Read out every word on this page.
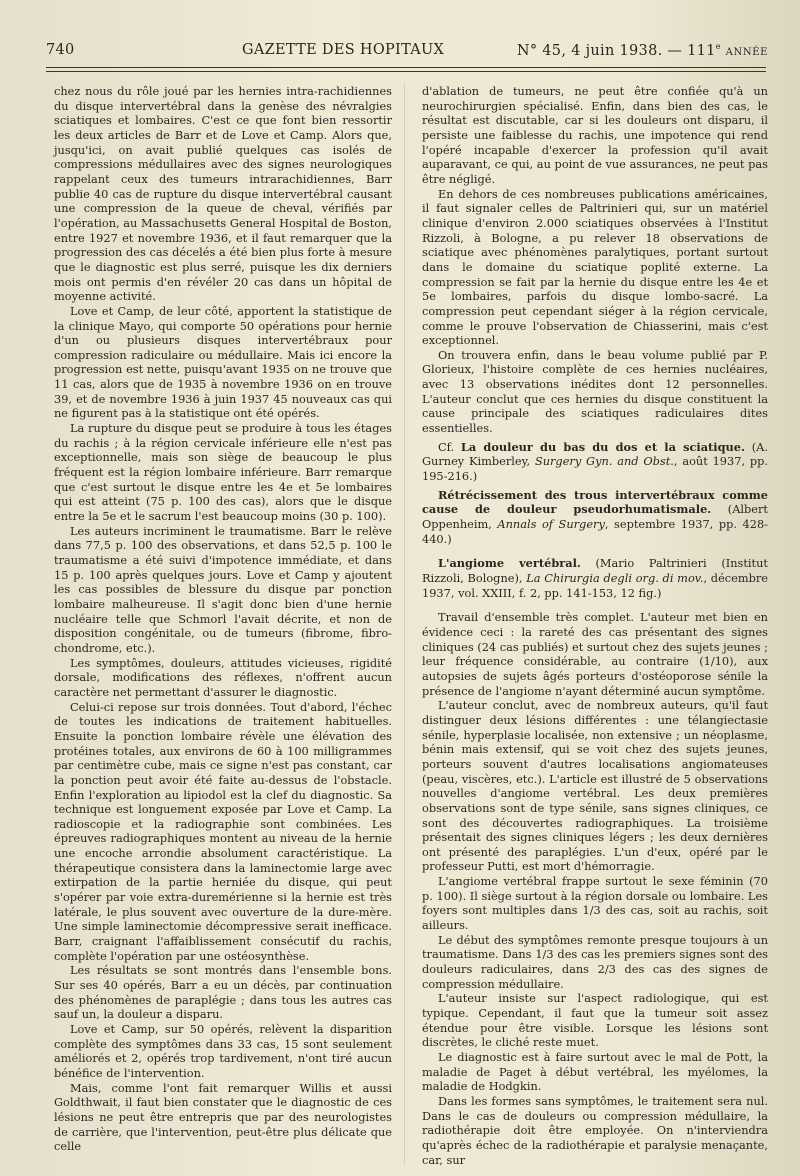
740	GAZETTE DES HOPITAUX	N° 45, 4 juin 1938. — 111e ANNÉE

chez nous du rôle joué par les hernies intra-rachidiennes du disque intervertébral dans la genèse des névralgies sciatiques et lombaires. C'est ce que font bien ressortir les deux articles de Barr et de Love et Camp. Alors que, jusqu'ici, on avait publié quelques cas isolés de compressions médullaires avec des signes neurologiques rappelant ceux des tumeurs intrarachidiennes, Barr publie 40 cas de rupture du disque intervertébral causant une compression de la queue de cheval, vérifiés par l'opération, au Massachusetts General Hospital de Boston, entre 1927 et novembre 1936, et il faut remarquer que la progression des cas décelés a été bien plus forte à mesure que le diagnostic est plus serré, puisque les dix derniers mois ont permis d'en révéler 20 cas dans un hôpital de moyenne activité.

Love et Camp, de leur côté, apportent la statistique de la clinique Mayo, qui comporte 50 opérations pour hernie d'un ou plusieurs disques intervertébraux pour compression radiculaire ou médullaire. Mais ici encore la progression est nette, puisqu'avant 1935 on ne trouve que 11 cas, alors que de 1935 à novembre 1936 on en trouve 39, et de novembre 1936 à juin 1937 45 nouveaux cas qui ne figurent pas à la statistique ont été opérés.

La rupture du disque peut se produire à tous les étages du rachis ; à la région cervicale inférieure elle n'est pas exceptionnelle, mais son siège de beaucoup le plus fréquent est la région lombaire inférieure. Barr remarque que c'est surtout le disque entre les 4e et 5e lombaires qui est atteint (75 p. 100 des cas), alors que le disque entre la 5e et le sacrum l'est beaucoup moins (30 p. 100).

Les auteurs incriminent le traumatisme. Barr le relève dans 77,5 p. 100 des observations, et dans 52,5 p. 100 le traumatisme a été suivi d'impotence immédiate, et dans 15 p. 100 après quelques jours. Love et Camp y ajoutent les cas possibles de blessure du disque par ponction lombaire malheureuse. Il s'agit donc bien d'une hernie nucléaire telle que Schmorl l'avait décrite, et non de disposition congénitale, ou de tumeurs (fibrome, fibro-chondrome, etc.).

Les symptômes, douleurs, attitudes vicieuses, rigidité dorsale, modifications des réflexes, n'offrent aucun caractère net permettant d'assurer le diagnostic.

Celui-ci repose sur trois données. Tout d'abord, l'échec de toutes les indications de traitement habituelles. Ensuite la ponction lombaire révèle une élévation des protéines totales, aux environs de 60 à 100 milligrammes par centimètre cube, mais ce signe n'est pas constant, car la ponction peut avoir été faite au-dessus de l'obstacle. Enfin l'exploration au lipiodol est la clef du diagnostic. Sa technique est longuement exposée par Love et Camp. La radioscopie et la radiographie sont combinées. Les épreuves radiographiques montent au niveau de la hernie une encoche arrondie absolument caractéristique. La thérapeutique consistera dans la laminectomie large avec extirpation de la partie herniée du disque, qui peut s'opérer par voie extra-duremérienne si la hernie est très latérale, le plus souvent avec ouverture de la dure-mère. Une simple laminectomie décompressive serait inefficace. Barr, craignant l'affaiblissement consécutif du rachis, complète l'opération par une ostéosynthèse.

Les résultats se sont montrés dans l'ensemble bons. Sur ses 40 opérés, Barr a eu un décès, par continuation des phénomènes de paraplégie ; dans tous les autres cas sauf un, la douleur a disparu.

Love et Camp, sur 50 opérés, relèvent la disparition complète des symptômes dans 33 cas, 15 sont seulement améliorés et 2, opérés trop tardivement, n'ont tiré aucun bénéfice de l'intervention.

Mais, comme l'ont fait remarquer Willis et aussi Goldthwait, il faut bien constater que le diagnostic de ces lésions ne peut être entrepris que par des neurologistes de carrière, que l'intervention, peut-être plus délicate que celle

d'ablation de tumeurs, ne peut être confiée qu'à un neurochirurgien spécialisé. Enfin, dans bien des cas, le résultat est discutable, car si les douleurs ont disparu, il persiste une faiblesse du rachis, une impotence qui rend l'opéré incapable d'exercer la profession qu'il avait auparavant, ce qui, au point de vue assurances, ne peut pas être négligé.

En dehors de ces nombreuses publications américaines, il faut signaler celles de Paltrinieri qui, sur un matériel clinique d'environ 2.000 sciatiques observées à l'Institut Rizzoli, à Bologne, a pu relever 18 observations de sciatique avec phénomènes paralytiques, portant surtout dans le domaine du sciatique poplité externe. La compression se fait par la hernie du disque entre les 4e et 5e lombaires, parfois du disque lombo-sacré. La compression peut cependant siéger à la région cervicale, comme le prouve l'observation de Chiasserini, mais c'est exceptionnel.

On trouvera enfin, dans le beau volume publié par P. Glorieux, l'histoire complète de ces hernies nucléaires, avec 13 observations inédites dont 12 personnelles. L'auteur conclut que ces hernies du disque constituent la cause principale des sciatiques radiculaires dites essentielles.

Cf. La douleur du bas du dos et la sciatique. (A. Gurney Kimberley, Surgery Gyn. and Obst., août 1937, pp. 195-216.)

Rétrécissement des trous intervertébraux comme cause de douleur pseudorhumatismale. (Albert Oppenheim, Annals of Surgery, septembre 1937, pp. 428-440.)

L'angiome vertébral. (Mario Paltrinieri (Institut Rizzoli, Bologne), La Chirurgia degli org. di mov., décembre 1937, vol. XXIII, f. 2, pp. 141-153, 12 fig.)

Travail d'ensemble très complet. L'auteur met bien en évidence ceci : la rareté des cas présentant des signes cliniques (24 cas publiés) et surtout chez des sujets jeunes ; leur fréquence considérable, au contraire (1/10), aux autopsies de sujets âgés porteurs d'ostéoporose sénile la présence de l'angiome n'ayant déterminé aucun symptôme.

L'auteur conclut, avec de nombreux auteurs, qu'il faut distinguer deux lésions différentes : une télangiectasie sénile, hyperplasie localisée, non extensive ; un néoplasme, bénin mais extensif, qui se voit chez des sujets jeunes, porteurs souvent d'autres localisations angiomateuses (peau, viscères, etc.). L'article est illustré de 5 observations nouvelles d'angiome vertébral. Les deux premières observations sont de type sénile, sans signes cliniques, ce sont des découvertes radiographiques. La troisième présentait des signes cliniques légers ; les deux dernières ont présenté des paraplégies. L'un d'eux, opéré par le professeur Putti, est mort d'hémorragie.

L'angiome vertébral frappe surtout le sexe féminin (70 p. 100). Il siège surtout à la région dorsale ou lombaire. Les foyers sont multiples dans 1/3 des cas, soit au rachis, soit ailleurs.

Le début des symptômes remonte presque toujours à un traumatisme. Dans 1/3 des cas les premiers signes sont des douleurs radiculaires, dans 2/3 des cas des signes de compression médullaire.

L'auteur insiste sur l'aspect radiologique, qui est typique. Cependant, il faut que la tumeur soit assez étendue pour être visible. Lorsque les lésions sont discrètes, le cliché reste muet.

Le diagnostic est à faire surtout avec le mal de Pott, la maladie de Paget à début vertébral, les myélomes, la maladie de Hodgkin.

Dans les formes sans symptômes, le traitement sera nul. Dans le cas de douleurs ou compression médullaire, la radiothérapie doit être employée. On n'interviendra qu'après échec de la radiothérapie et paralysie menaçante, car, sur
